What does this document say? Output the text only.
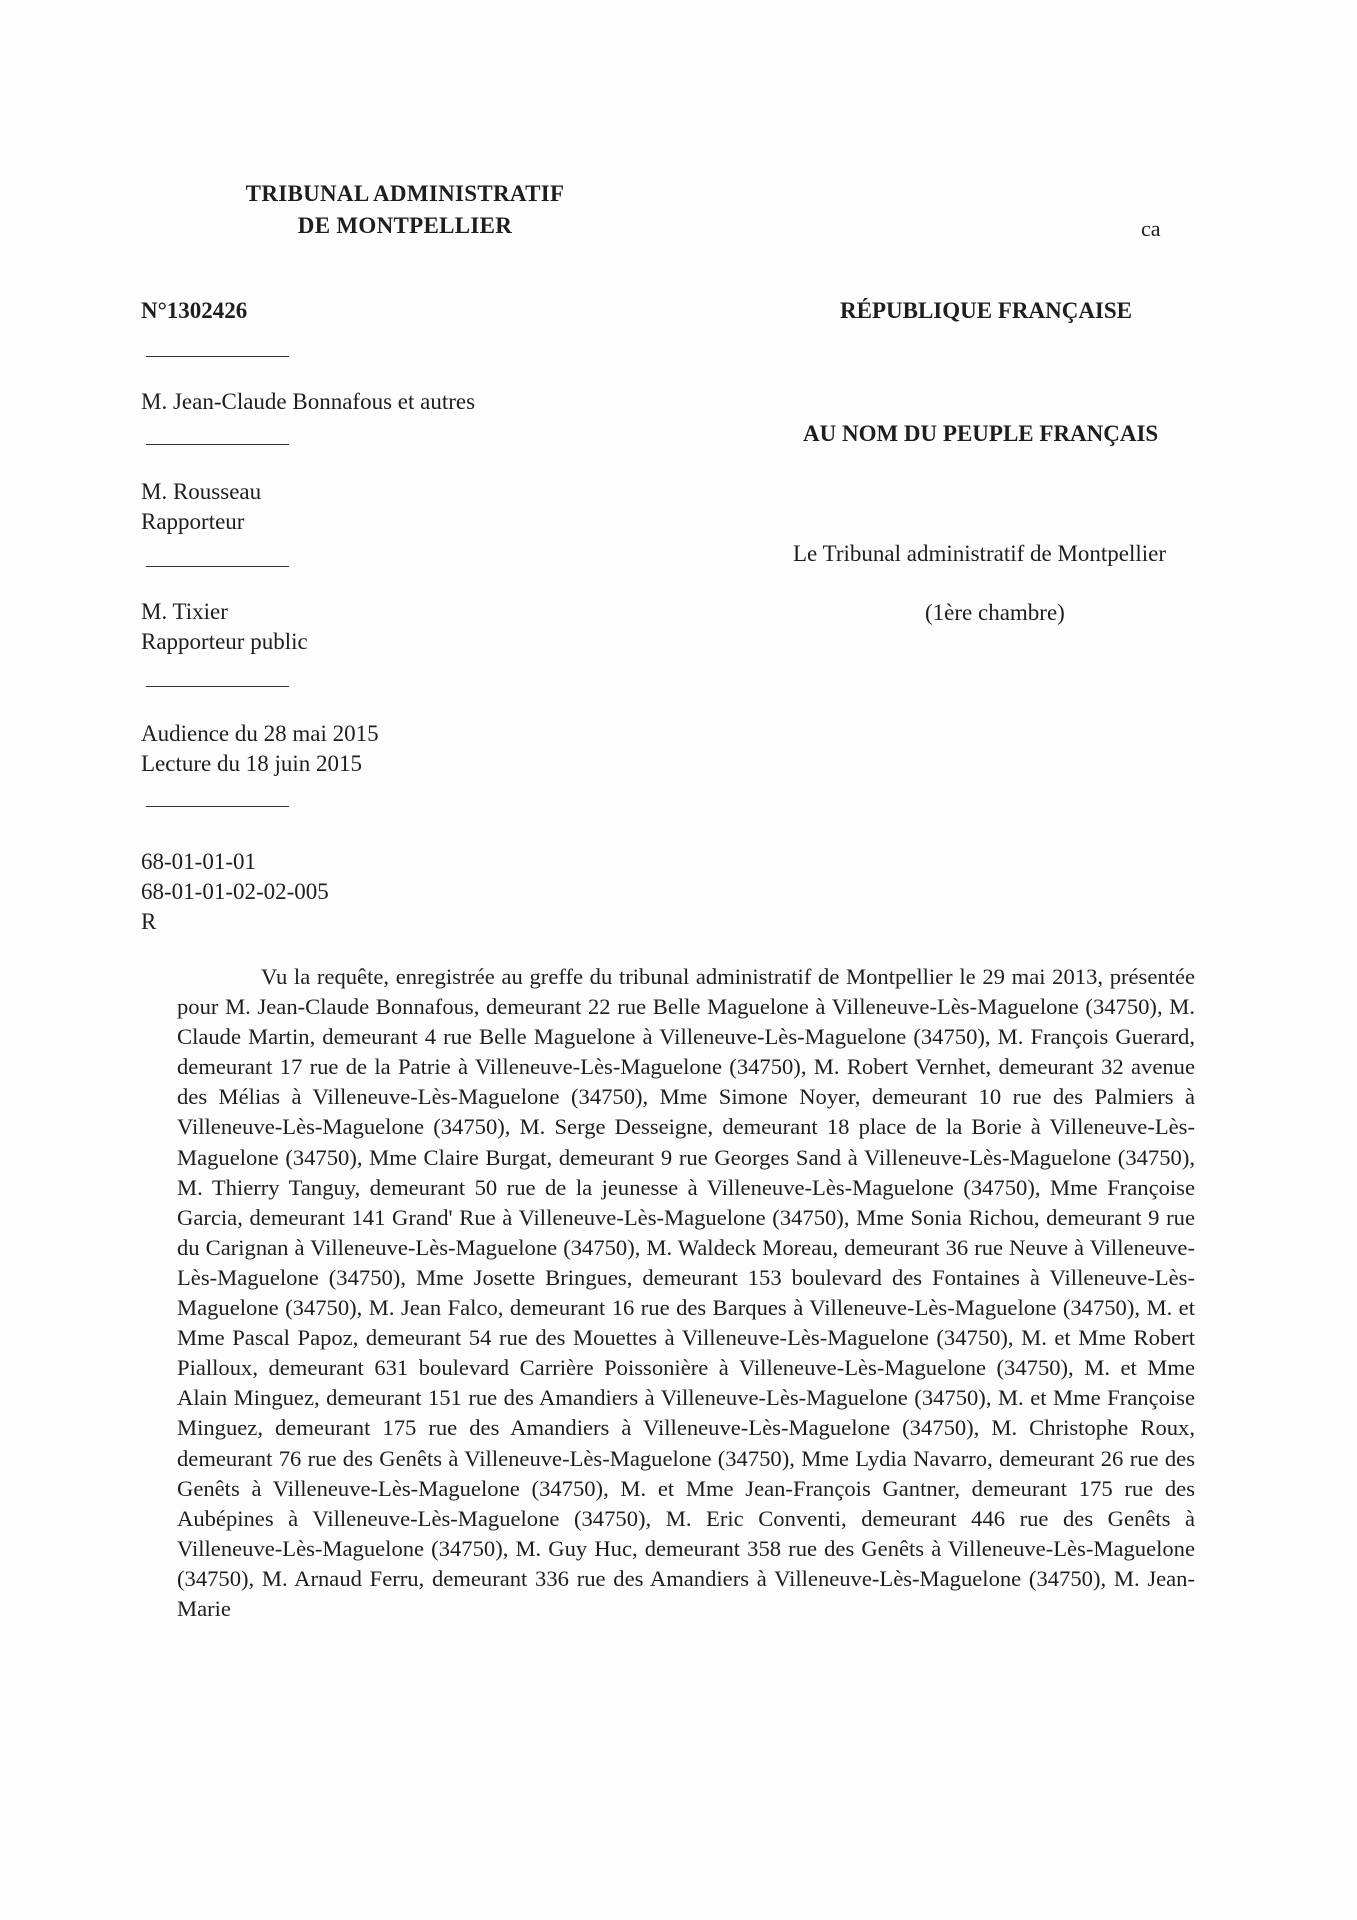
TRIBUNAL ADMINISTRATIF
DE MONTPELLIER	ca
N°1302426
M. Jean-Claude Bonnafous et autres
M. Rousseau
Rapporteur
M. Tixier
Rapporteur public
Audience du 28 mai 2015
Lecture du 18 juin 2015
68-01-01-01
68-01-01-02-02-005
R
RÉPUBLIQUE FRANÇAISE
AU NOM DU PEUPLE FRANÇAIS
Le Tribunal administratif de Montpellier
(1ère chambre)

Vu la requête, enregistrée au greffe du tribunal administratif de Montpellier le 29 mai 2013, présentée pour M. Jean-Claude Bonnafous, demeurant 22 rue Belle Maguelone à Villeneuve-Lès-Maguelone (34750), M. Claude Martin, demeurant 4 rue Belle Maguelone à Villeneuve-Lès-Maguelone (34750), M. François Guerard, demeurant 17 rue de la Patrie à Villeneuve-Lès-Maguelone (34750), M. Robert Vernhet, demeurant 32 avenue des Mélias à Villeneuve-Lès-Maguelone (34750), Mme Simone Noyer, demeurant 10 rue des Palmiers à Villeneuve-Lès-Maguelone (34750), M. Serge Desseigne, demeurant 18 place de la Borie à Villeneuve-Lès-Maguelone (34750), Mme Claire Burgat, demeurant 9 rue Georges Sand à Villeneuve-Lès-Maguelone (34750), M. Thierry Tanguy, demeurant 50 rue de la jeunesse à Villeneuve-Lès-Maguelone (34750), Mme Françoise Garcia, demeurant 141 Grand' Rue à Villeneuve-Lès-Maguelone (34750), Mme Sonia Richou, demeurant 9 rue du Carignan à Villeneuve-Lès-Maguelone (34750), M. Waldeck Moreau, demeurant 36 rue Neuve à Villeneuve-Lès-Maguelone (34750), Mme Josette Bringues, demeurant 153 boulevard des Fontaines à Villeneuve-Lès-Maguelone (34750), M. Jean Falco, demeurant 16 rue des Barques à Villeneuve-Lès-Maguelone (34750), M. et Mme Pascal Papoz, demeurant 54 rue des Mouettes à Villeneuve-Lès-Maguelone (34750), M. et Mme Robert Pialloux, demeurant 631 boulevard Carrière Poissonière à Villeneuve-Lès-Maguelone (34750), M. et Mme Alain Minguez, demeurant 151 rue des Amandiers à Villeneuve-Lès-Maguelone (34750), M. et Mme Françoise Minguez, demeurant 175 rue des Amandiers à Villeneuve-Lès-Maguelone (34750), M. Christophe Roux, demeurant 76 rue des Genêts à Villeneuve-Lès-Maguelone (34750), Mme Lydia Navarro, demeurant 26 rue des Genêts à Villeneuve-Lès-Maguelone (34750), M. et Mme Jean-François Gantner, demeurant 175 rue des Aubépines à Villeneuve-Lès-Maguelone (34750), M. Eric Conventi, demeurant 446 rue des Genêts à Villeneuve-Lès-Maguelone (34750), M. Guy Huc, demeurant 358 rue des Genêts à Villeneuve-Lès-Maguelone (34750), M. Arnaud Ferru, demeurant 336 rue des Amandiers à Villeneuve-Lès-Maguelone (34750), M. Jean-Marie
